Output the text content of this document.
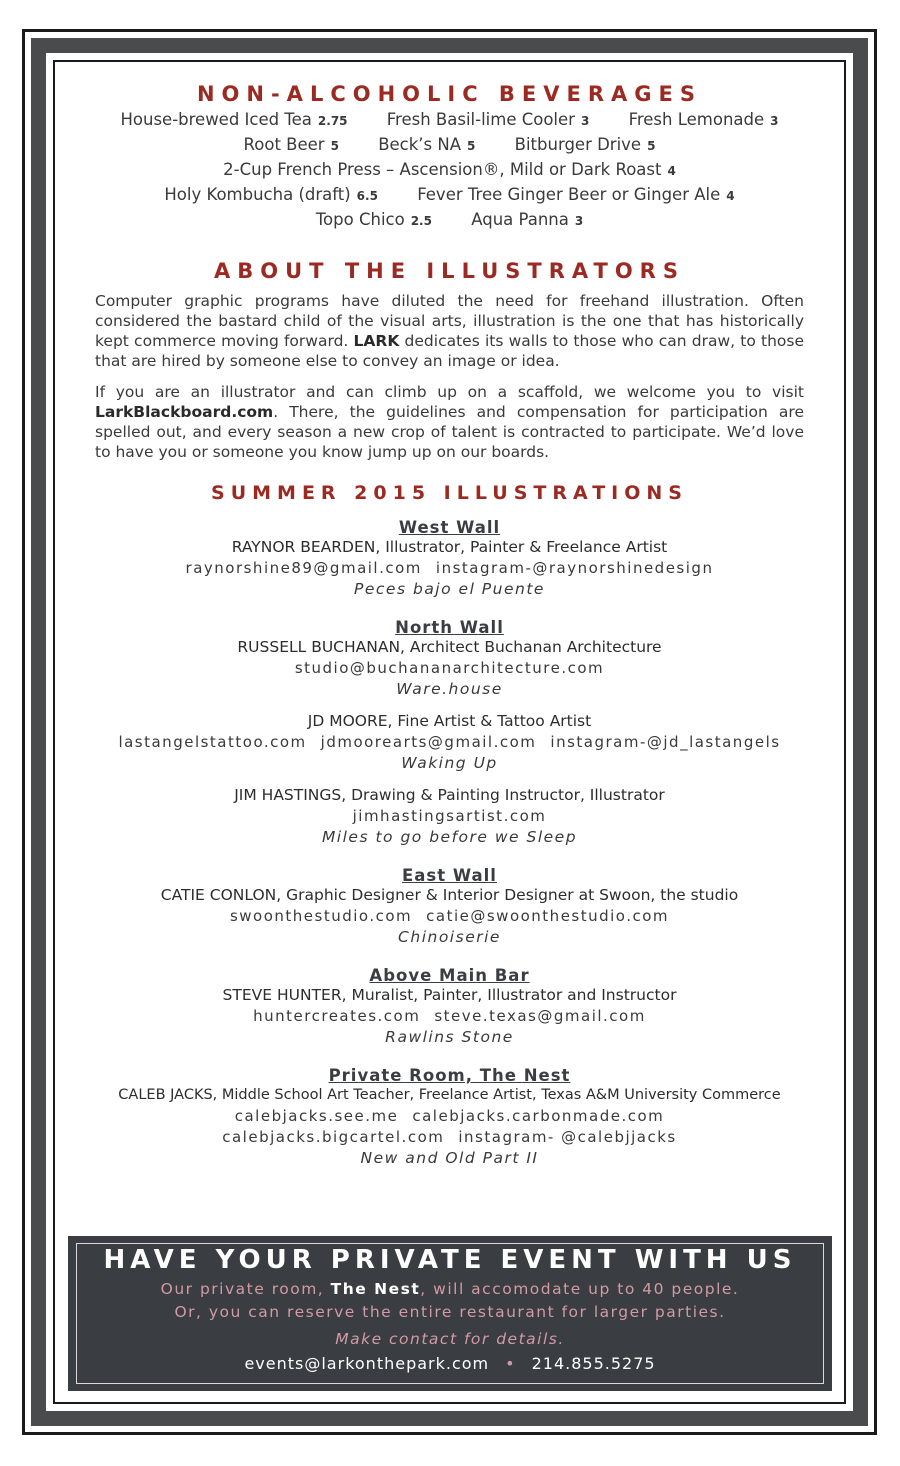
NON-ALCOHOLIC BEVERAGES
House-brewed Iced Tea 2.75 Fresh Basil-lime Cooler 3 Fresh Lemonade 3
Root Beer 5 Beck’s NA 5 Bitburger Drive 5
2-Cup French Press – Ascension®, Mild or Dark Roast 4
Holy Kombucha (draft) 6.5 Fever Tree Ginger Beer or Ginger Ale 4
Topo Chico 2.5 Aqua Panna 3
ABOUT THE ILLUSTRATORS

Computer graphic programs have diluted the need for freehand illustration. Often considered the bastard child of the visual arts, illustration is the one that has historically kept commerce moving forward. LARK dedicates its walls to those who can draw, to those that are hired by someone else to convey an image or idea.

If you are an illustrator and can climb up on a scaffold, we welcome you to visit LarkBlackboard.com. There, the guidelines and compensation for participation are spelled out, and every season a new crop of talent is contracted to participate. We’d love to have you or someone you know jump up on our boards.

SUMMER 2015 ILLUSTRATIONS

West Wall

RAYNOR BEARDEN, Illustrator, Painter & Freelance Artist
raynorshine89@gmail.com instagram-@raynorshinedesign
Peces bajo el Puente

North Wall

RUSSELL BUCHANAN, Architect Buchanan Architecture
studio@buchananarchitecture.com
Ware.house
JD MOORE, Fine Artist & Tattoo Artist
lastangelstattoo.com jdmoorearts@gmail.com instagram-@jd_lastangels
Waking Up
JIM HASTINGS, Drawing & Painting Instructor, Illustrator
jimhastingsartist.com
Miles to go before we Sleep

East Wall

CATIE CONLON, Graphic Designer & Interior Designer at Swoon, the studio
swoonthestudio.com catie@swoonthestudio.com
Chinoiserie

Above Main Bar

STEVE HUNTER, Muralist, Painter, Illustrator and Instructor
huntercreates.com steve.texas@gmail.com
Rawlins Stone

Private Room, The Nest

CALEB JACKS, Middle School Art Teacher, Freelance Artist, Texas A&M University Commerce
calebjacks.see.me calebjacks.carbonmade.com
calebjacks.bigcartel.com instagram- @calebjjacks
New and Old Part II
HAVE YOUR PRIVATE EVENT WITH US
Our private room, The Nest, will accomodate up to 40 people.
Or, you can reserve the entire restaurant for larger parties.
Make contact for details.
events@larkonthepark.com • 214.855.5275
